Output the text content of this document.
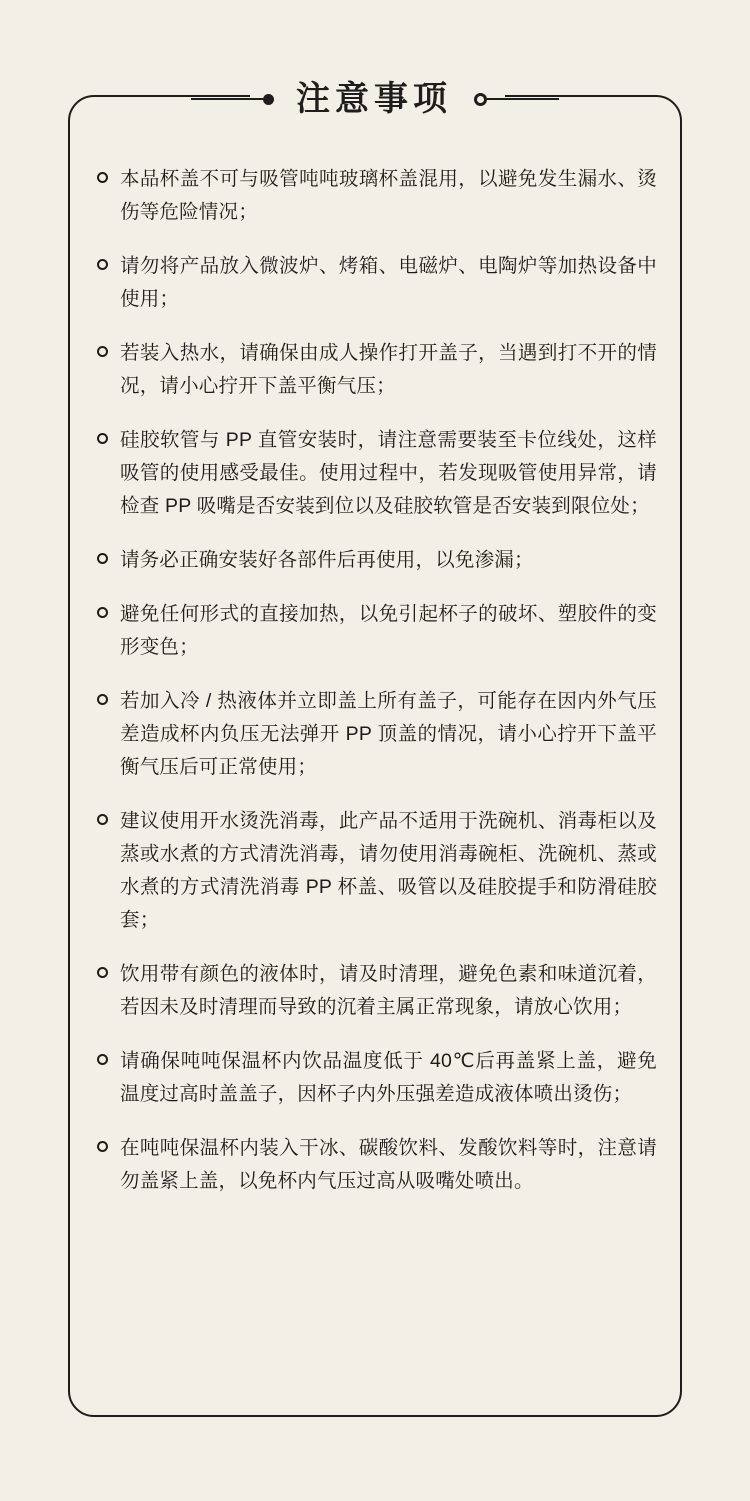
注意事项
本品杯盖不可与吸管吨吨玻璃杯盖混用，以避免发生漏水、烫伤等危险情况；
请勿将产品放入微波炉、烤箱、电磁炉、电陶炉等加热设备中使用；
若装入热水，请确保由成人操作打开盖子，当遇到打不开的情况，请小心拧开下盖平衡气压；
硅胶软管与 PP 直管安装时，请注意需要装至卡位线处，这样吸管的使用感受最佳。使用过程中，若发现吸管使用异常，请检查 PP 吸嘴是否安装到位以及硅胶软管是否安装到限位处；
请务必正确安装好各部件后再使用，以免渗漏；
避免任何形式的直接加热，以免引起杯子的破坏、塑胶件的变形变色；
若加入冷 / 热液体并立即盖上所有盖子，可能存在因内外气压差造成杯内负压无法弹开 PP 顶盖的情况，请小心拧开下盖平衡气压后可正常使用；
建议使用开水烫洗消毒，此产品不适用于洗碗机、消毒柜以及蒸或水煮的方式清洗消毒，请勿使用消毒碗柜、洗碗机、蒸或水煮的方式清洗消毒 PP 杯盖、吸管以及硅胶提手和防滑硅胶套；
饮用带有颜色的液体时，请及时清理，避免色素和味道沉着，若因未及时清理而导致的沉着主属正常现象，请放心饮用；
请确保吨吨保温杯内饮品温度低于 40℃后再盖紧上盖，避免温度过高时盖盖子，因杯子内外压强差造成液体喷出烫伤；
在吨吨保温杯内装入干冰、碳酸饮料、发酸饮料等时，注意请勿盖紧上盖，以免杯内气压过高从吸嘴处喷出。
